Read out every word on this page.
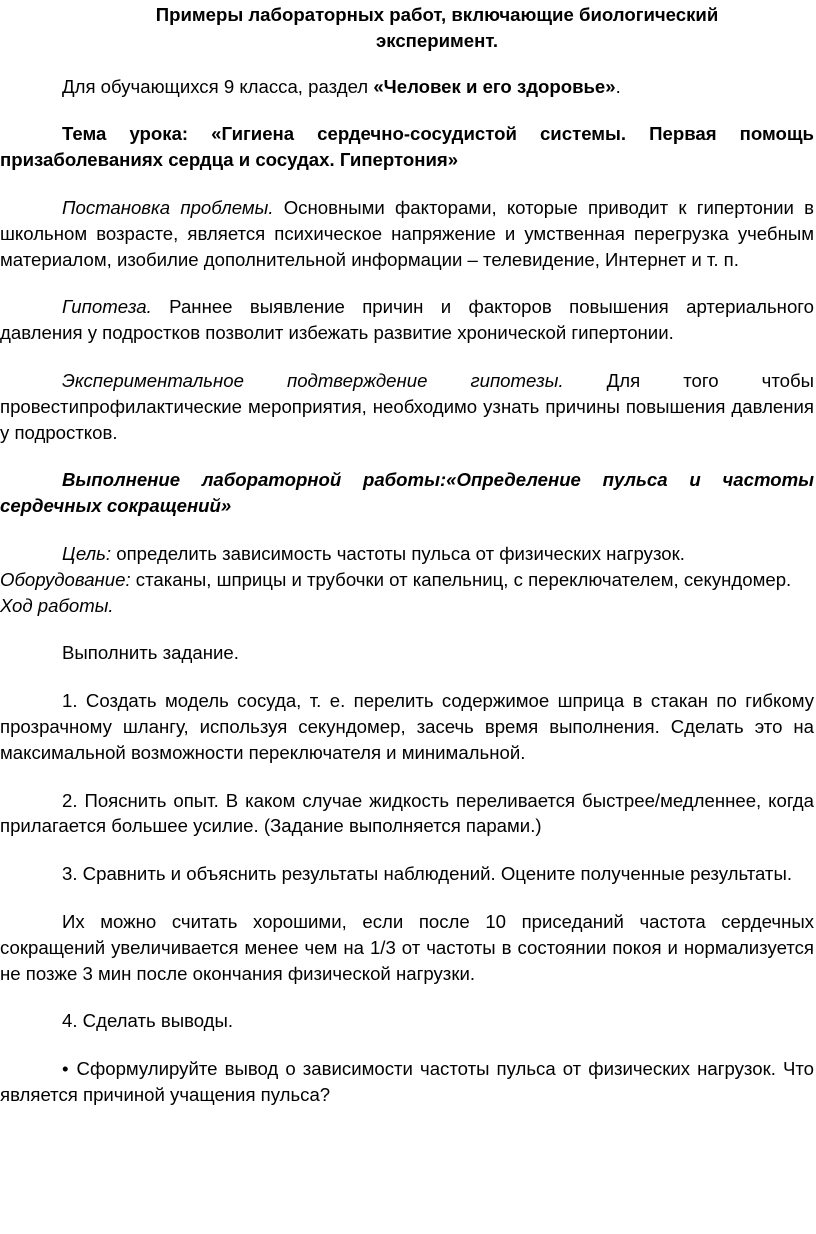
Примеры лабораторных работ, включающие биологический эксперимент.

Для обучающихся 9 класса, раздел «Человек и его здоровье».

Тема урока: «Гигиена сердечно-сосудистой системы. Первая помощь призаболеваниях сердца и сосудах. Гипертония»

Постановка проблемы. Основными факторами, которые приводит к гипертонии в школьном возрасте, является психическое напряжение и умственная перегрузка учебным материалом, изобилие дополнительной информации – телевидение, Интернет и т. п.

Гипотеза. Раннее выявление причин и факторов повышения артериального давления у подростков позволит избежать развитие хронической гипертонии.

Экспериментальное подтверждение гипотезы. Для того чтобы провестипрофилактические мероприятия, необходимо узнать причины повышения давления у подростков.

Выполнение лабораторной работы:«Определение пульса и частоты сердечных сокращений»

Цель: определить зависимость частоты пульса от физических нагрузок.

Оборудование: стаканы, шприцы и трубочки от капельниц, с переключателем, секундомер.

Ход работы.

Выполнить задание.

1. Создать модель сосуда, т. е. перелить содержимое шприца в стакан по гибкому прозрачному шлангу, используя секундомер, засечь время выполнения. Сделать это на максимальной возможности переключателя и минимальной.

2. Пояснить опыт. В каком случае жидкость переливается быстрее/медленнее, когда прилагается большее усилие. (Задание выполняется парами.)

3. Сравнить и объяснить результаты наблюдений. Оцените полученные результаты.

Их можно считать хорошими, если после 10 приседаний частота сердечных сокращений увеличивается менее чем на 1/3 от частоты в состоянии покоя и нормализуется не позже 3 мин после окончания физической нагрузки.

4. Сделать выводы.

• Сформулируйте вывод о зависимости частоты пульса от физических нагрузок. Что является причиной учащения пульса?
